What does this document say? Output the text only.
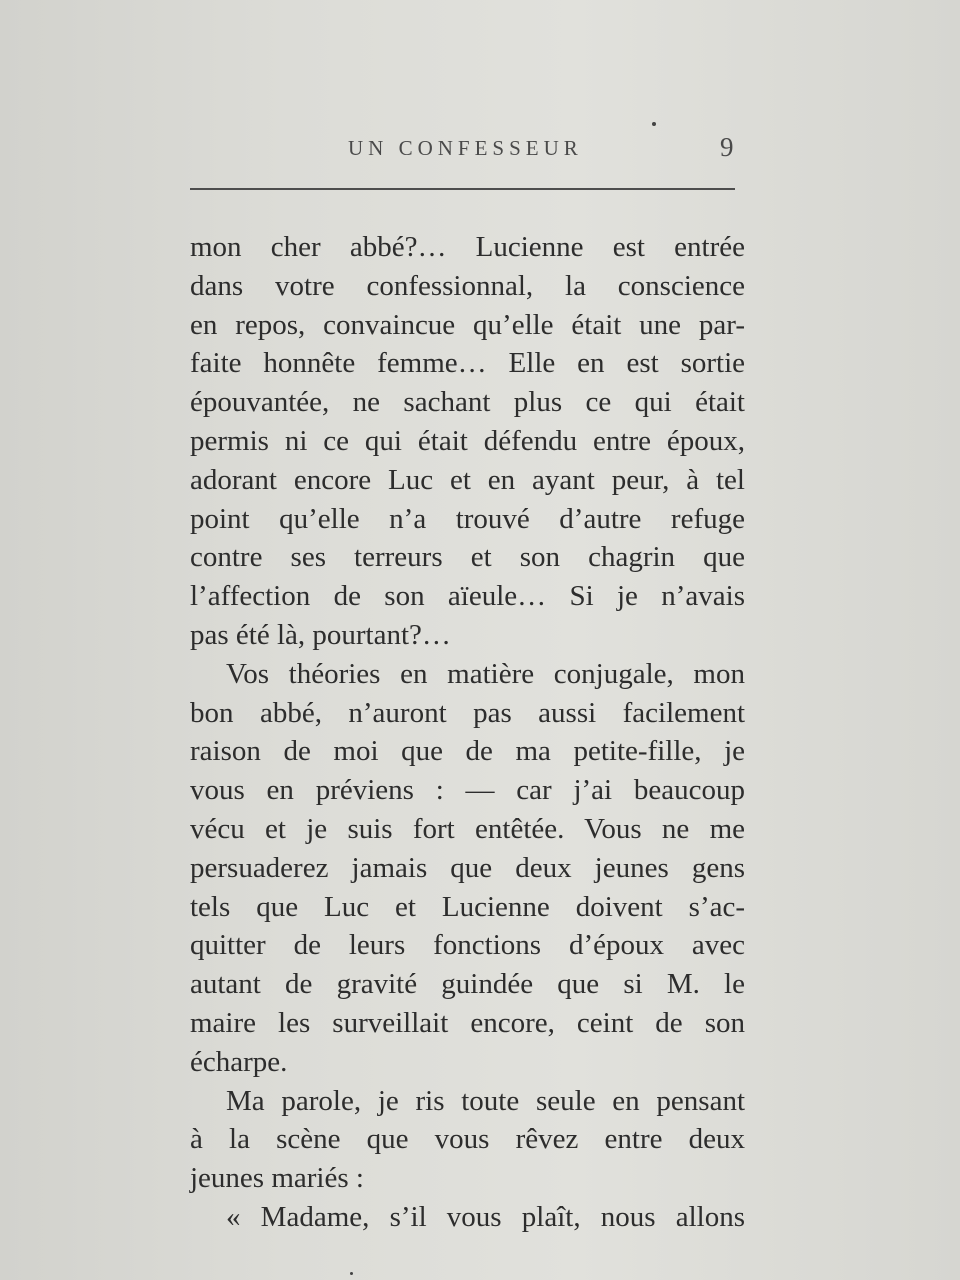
UN CONFESSEUR	9
mon cher abbé?… Lucienne est entrée
dans votre confessionnal, la conscience
en repos, convaincue qu’elle était une par-
faite honnête femme… Elle en est sortie
épouvantée, ne sachant plus ce qui était
permis ni ce qui était défendu entre époux,
adorant encore Luc et en ayant peur, à tel
point qu’elle n’a trouvé d’autre refuge
contre ses terreurs et son chagrin que
l’affection de son aïeule… Si je n’avais
pas été là, pourtant?…
Vos théories en matière conjugale, mon
bon abbé, n’auront pas aussi facilement
raison de moi que de ma petite-fille, je
vous en préviens : — car j’ai beaucoup
vécu et je suis fort entêtée. Vous ne me
persuaderez jamais que deux jeunes gens
tels que Luc et Lucienne doivent s’ac-
quitter de leurs fonctions d’époux avec
autant de gravité guindée que si M. le
maire les surveillait encore, ceint de son
écharpe.
Ma parole, je ris toute seule en pensant
à la scène que vous rêvez entre deux
jeunes mariés :
« Madame, s’il vous plaît, nous allons
